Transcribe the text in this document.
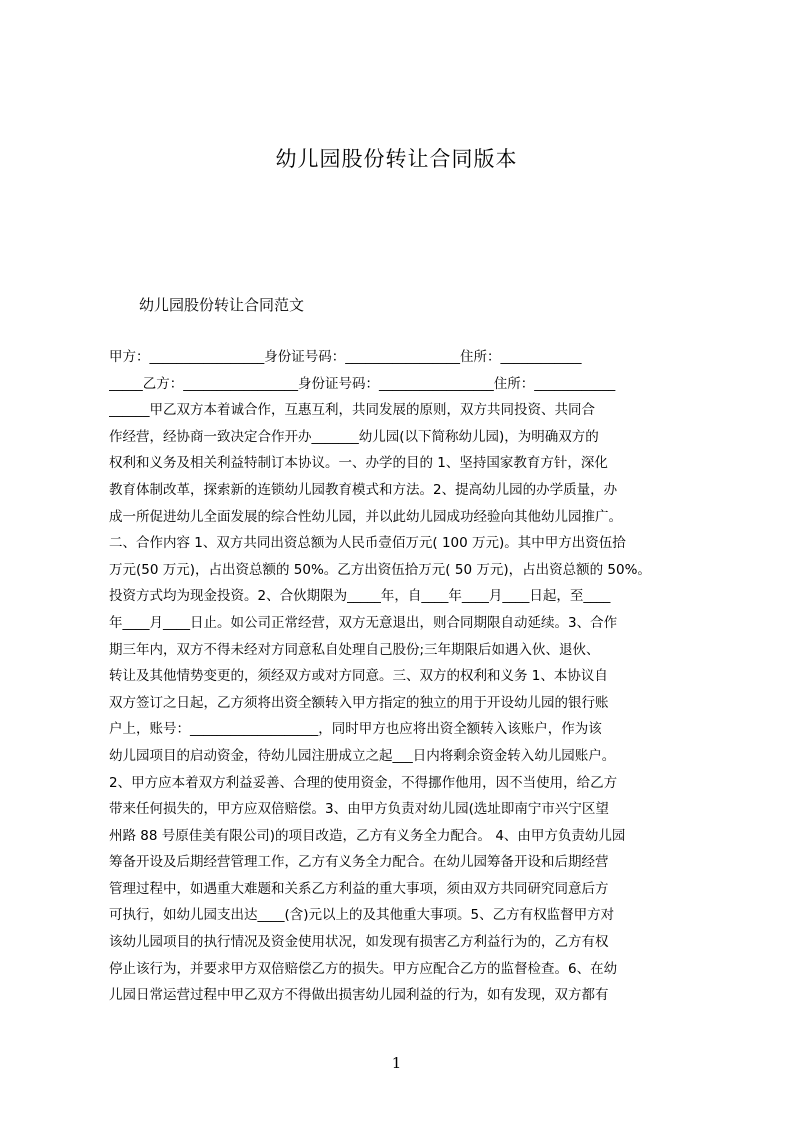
幼儿园股份转让合同版本
幼儿园股份转让合同范文
甲方：_________________身份证号码：_________________住所：____________
_____乙方：_________________身份证号码：_________________住所：____________
______甲乙双方本着诚合作，互惠互利，共同发展的原则，双方共同投资、共同合
作经营，经协商一致决定合作开办_______幼儿园(以下简称幼儿园)，为明确双方的
权利和义务及相关利益特制订本协议。一、办学的目的 1、坚持国家教育方针，深化
教育体制改革，探索新的连锁幼儿园教育模式和方法。2、提高幼儿园的办学质量，办
成一所促进幼儿全面发展的综合性幼儿园，并以此幼儿园成功经验向其他幼儿园推广。
二、合作内容 1、双方共同出资总额为人民币壹佰万元( 100 万元)。其中甲方出资伍拾
万元(50 万元)，占出资总额的 50%。乙方出资伍拾万元( 50 万元)，占出资总额的 50%。
投资方式均为现金投资。2、合伙期限为_____年，自____年____月____日起，至____
年____月____日止。如公司正常经营，双方无意退出，则合同期限自动延续。3、合作
期三年内，双方不得未经对方同意私自处理自己股份;三年期限后如遇入伙、退伙、
转让及其他情势变更的，须经双方或对方同意。三、双方的权利和义务 1、本协议自
双方签订之日起，乙方须将出资全额转入甲方指定的独立的用于开设幼儿园的银行账
户上，账号：___________________，同时甲方也应将出资全额转入该账户，作为该
幼儿园项目的启动资金，待幼儿园注册成立之起___日内将剩余资金转入幼儿园账户。
2、甲方应本着双方利益妥善、合理的使用资金，不得挪作他用，因不当使用，给乙方
带来任何损失的，甲方应双倍赔偿。3、由甲方负责对幼儿园(选址即南宁市兴宁区望
州路 88 号原佳美有限公司)的项目改造，乙方有义务全力配合。 4、由甲方负责幼儿园
筹备开设及后期经营管理工作，乙方有义务全力配合。在幼儿园筹备开设和后期经营
管理过程中，如遇重大难题和关系乙方利益的重大事项，须由双方共同研究同意后方
可执行，如幼儿园支出达____(含)元以上的及其他重大事项。5、乙方有权监督甲方对
该幼儿园项目的执行情况及资金使用状况，如发现有损害乙方利益行为的，乙方有权
停止该行为，并要求甲方双倍赔偿乙方的损失。甲方应配合乙方的监督检查。6、在幼
儿园日常运营过程中甲乙双方不得做出损害幼儿园利益的行为，如有发现，双方都有
1
